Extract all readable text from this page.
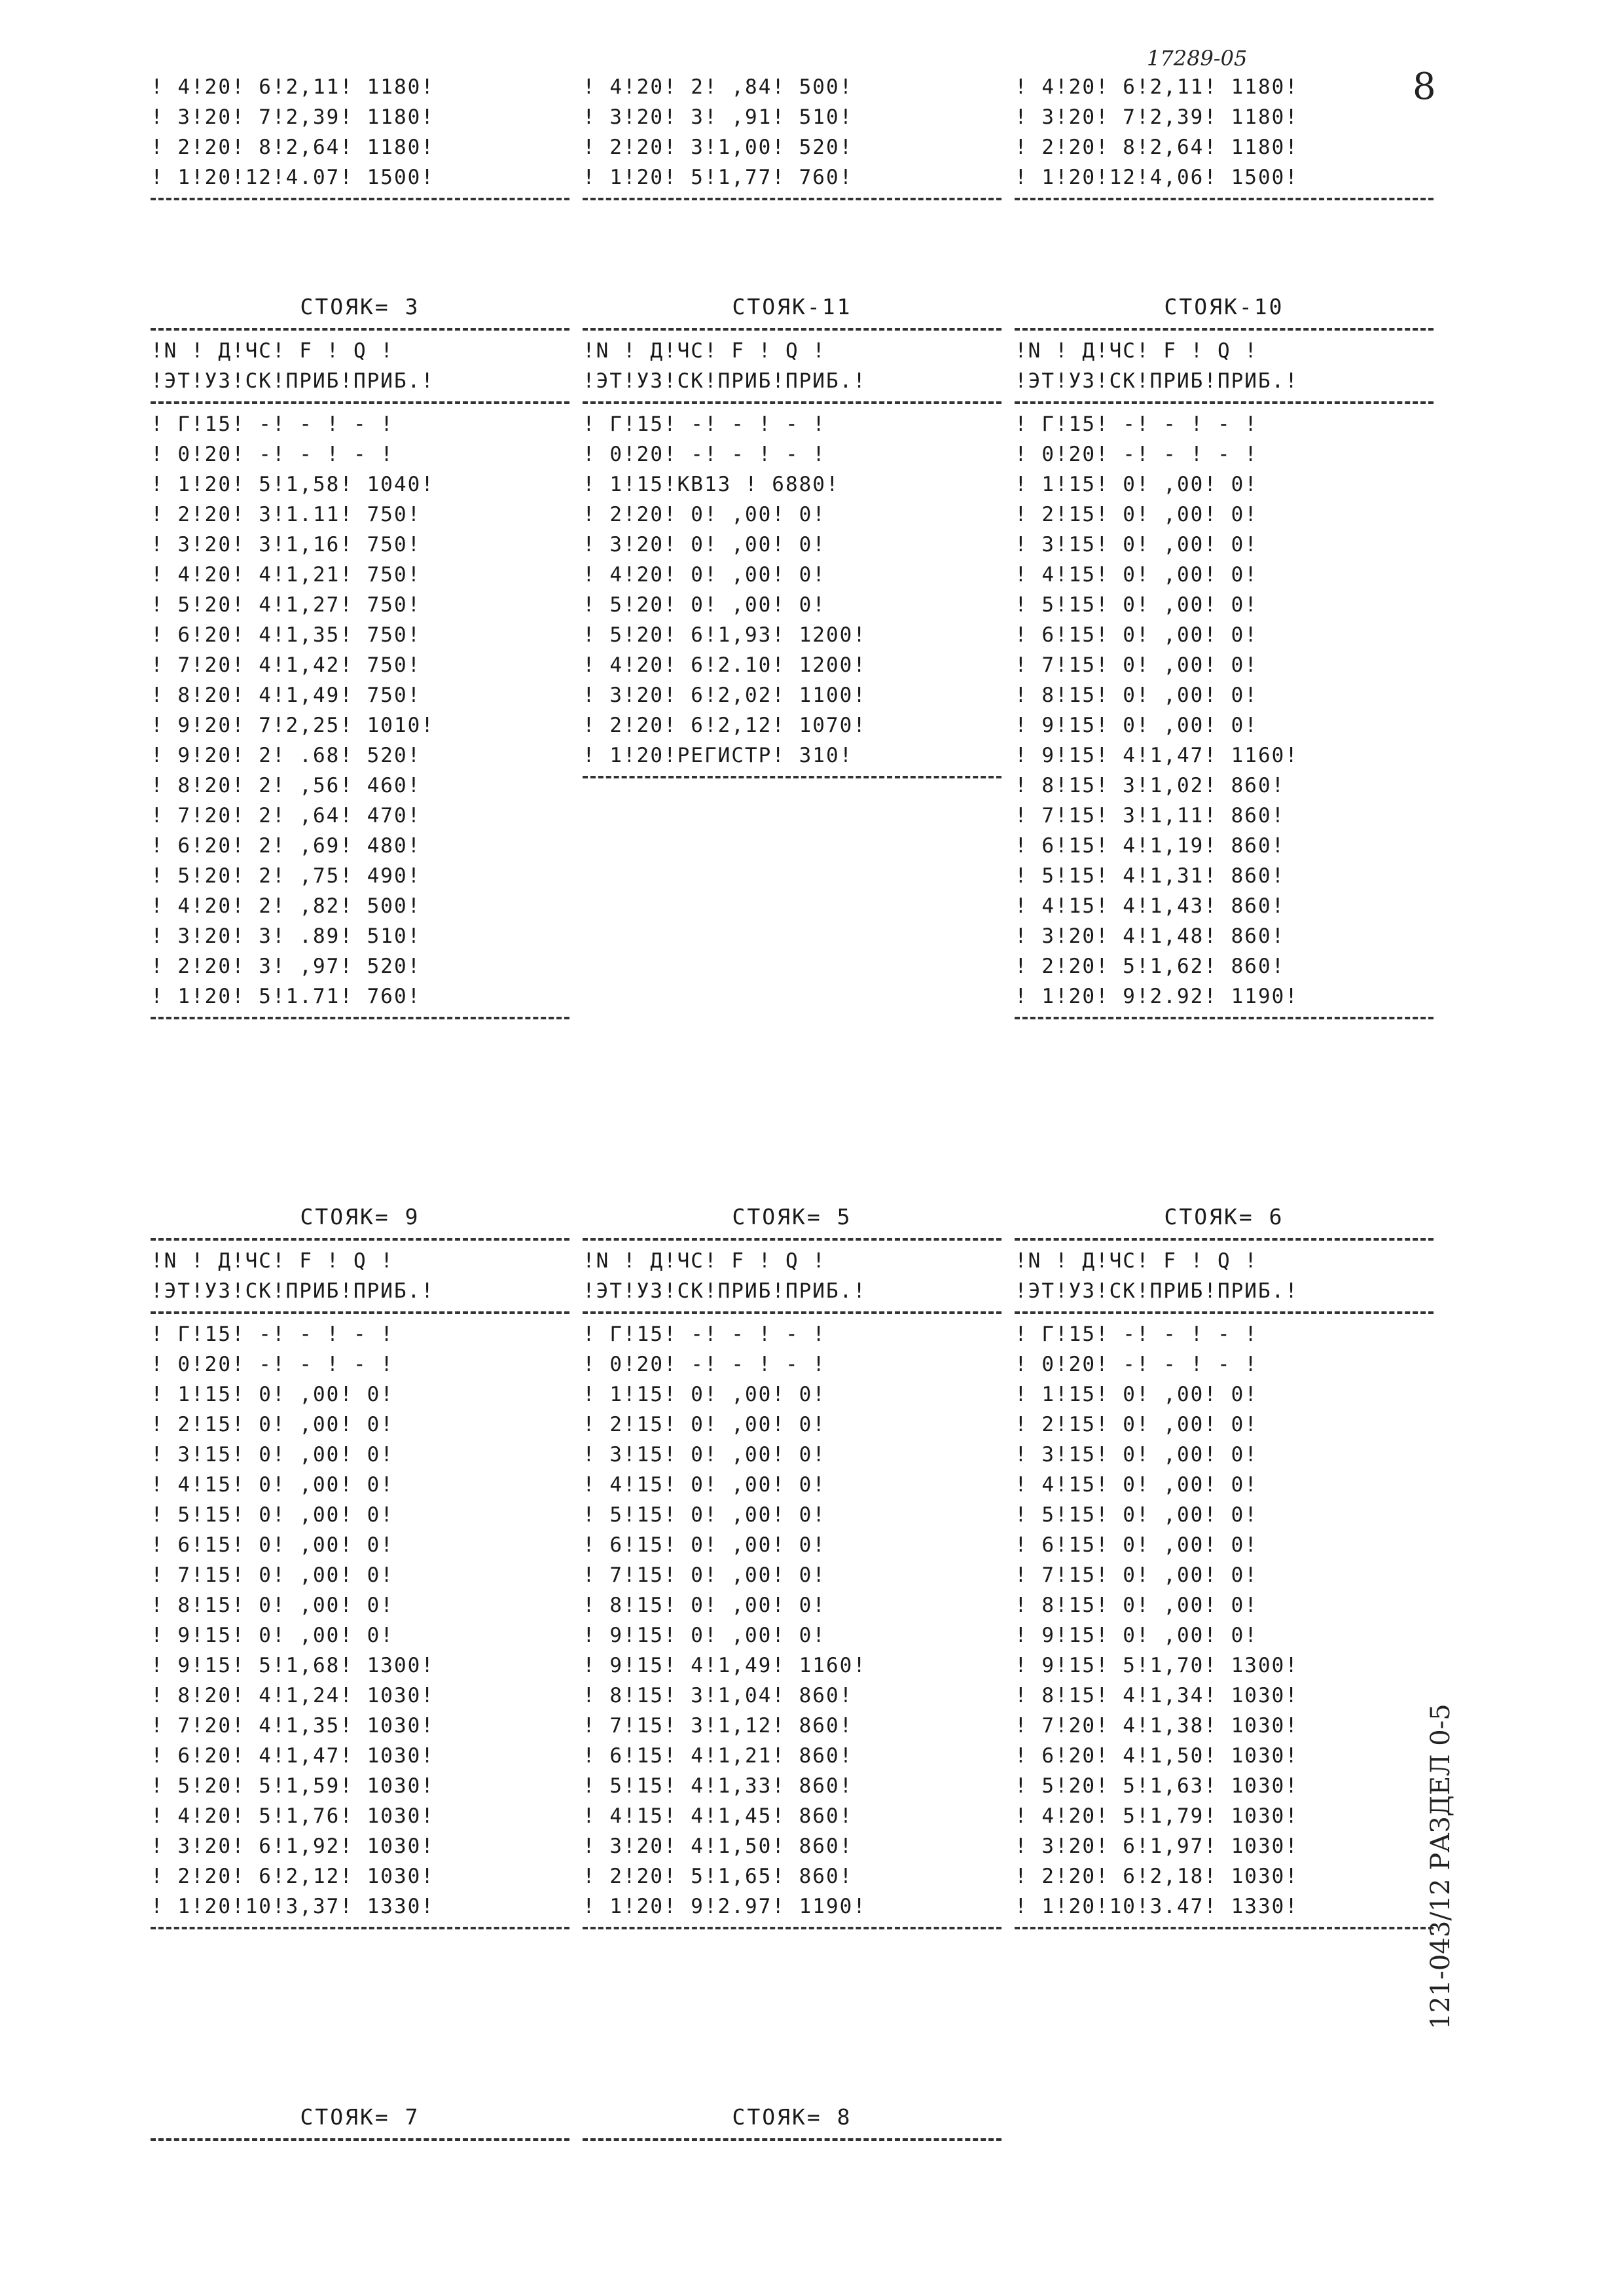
17289-05
8
121-043/12 РАЗДЕЛ 0-5
! 4!20! 6!2,11! 1180!
! 3!20! 7!2,39! 1180!
! 2!20! 8!2,64! 1180!
! 1!20!12!4.07! 1500!
! 4!20! 2! ,84! 500!
! 3!20! 3! ,91! 510!
! 2!20! 3!1,00! 520!
! 1!20! 5!1,77! 760!
! 4!20! 6!2,11! 1180!
! 3!20! 7!2,39! 1180!
! 2!20! 8!2,64! 1180!
! 1!20!12!4,06! 1500!
СТОЯК= 3
!N ! Д!ЧС! F ! Q !
!ЭТ!УЗ!СК!ПРИБ!ПРИБ.!
! Г!15! -! - ! - !
! 0!20! -! - ! - !
! 1!20! 5!1,58! 1040!
! 2!20! 3!1.11! 750!
! 3!20! 3!1,16! 750!
! 4!20! 4!1,21! 750!
! 5!20! 4!1,27! 750!
! 6!20! 4!1,35! 750!
! 7!20! 4!1,42! 750!
! 8!20! 4!1,49! 750!
! 9!20! 7!2,25! 1010!
! 9!20! 2! .68! 520!
! 8!20! 2! ,56! 460!
! 7!20! 2! ,64! 470!
! 6!20! 2! ,69! 480!
! 5!20! 2! ,75! 490!
! 4!20! 2! ,82! 500!
! 3!20! 3! .89! 510!
! 2!20! 3! ,97! 520!
! 1!20! 5!1.71! 760!
СТОЯК-11
!N ! Д!ЧС! F ! Q !
!ЭТ!УЗ!СК!ПРИБ!ПРИБ.!
! Г!15! -! - ! - !
! 0!20! -! - ! - !
! 1!15!КВ13 ! 6880!
! 2!20! 0! ,00! 0!
! 3!20! 0! ,00! 0!
! 4!20! 0! ,00! 0!
! 5!20! 0! ,00! 0!
! 5!20! 6!1,93! 1200!
! 4!20! 6!2.10! 1200!
! 3!20! 6!2,02! 1100!
! 2!20! 6!2,12! 1070!
! 1!20!РЕГИСТР! 310!
СТОЯК-10
!N ! Д!ЧС! F ! Q !
!ЭТ!УЗ!СК!ПРИБ!ПРИБ.!
! Г!15! -! - ! - !
! 0!20! -! - ! - !
! 1!15! 0! ,00! 0!
! 2!15! 0! ,00! 0!
! 3!15! 0! ,00! 0!
! 4!15! 0! ,00! 0!
! 5!15! 0! ,00! 0!
! 6!15! 0! ,00! 0!
! 7!15! 0! ,00! 0!
! 8!15! 0! ,00! 0!
! 9!15! 0! ,00! 0!
! 9!15! 4!1,47! 1160!
! 8!15! 3!1,02! 860!
! 7!15! 3!1,11! 860!
! 6!15! 4!1,19! 860!
! 5!15! 4!1,31! 860!
! 4!15! 4!1,43! 860!
! 3!20! 4!1,48! 860!
! 2!20! 5!1,62! 860!
! 1!20! 9!2.92! 1190!
СТОЯК= 9
!N ! Д!ЧС! F ! Q !
!ЭТ!УЗ!СК!ПРИБ!ПРИБ.!
! Г!15! -! - ! - !
! 0!20! -! - ! - !
! 1!15! 0! ,00! 0!
! 2!15! 0! ,00! 0!
! 3!15! 0! ,00! 0!
! 4!15! 0! ,00! 0!
! 5!15! 0! ,00! 0!
! 6!15! 0! ,00! 0!
! 7!15! 0! ,00! 0!
! 8!15! 0! ,00! 0!
! 9!15! 0! ,00! 0!
! 9!15! 5!1,68! 1300!
! 8!20! 4!1,24! 1030!
! 7!20! 4!1,35! 1030!
! 6!20! 4!1,47! 1030!
! 5!20! 5!1,59! 1030!
! 4!20! 5!1,76! 1030!
! 3!20! 6!1,92! 1030!
! 2!20! 6!2,12! 1030!
! 1!20!10!3,37! 1330!
СТОЯК= 5
!N ! Д!ЧС! F ! Q !
!ЭТ!УЗ!СК!ПРИБ!ПРИБ.!
! Г!15! -! - ! - !
! 0!20! -! - ! - !
! 1!15! 0! ,00! 0!
! 2!15! 0! ,00! 0!
! 3!15! 0! ,00! 0!
! 4!15! 0! ,00! 0!
! 5!15! 0! ,00! 0!
! 6!15! 0! ,00! 0!
! 7!15! 0! ,00! 0!
! 8!15! 0! ,00! 0!
! 9!15! 0! ,00! 0!
! 9!15! 4!1,49! 1160!
! 8!15! 3!1,04! 860!
! 7!15! 3!1,12! 860!
! 6!15! 4!1,21! 860!
! 5!15! 4!1,33! 860!
! 4!15! 4!1,45! 860!
! 3!20! 4!1,50! 860!
! 2!20! 5!1,65! 860!
! 1!20! 9!2.97! 1190!
СТОЯК= 6
!N ! Д!ЧС! F ! Q !
!ЭТ!УЗ!СК!ПРИБ!ПРИБ.!
! Г!15! -! - ! - !
! 0!20! -! - ! - !
! 1!15! 0! ,00! 0!
! 2!15! 0! ,00! 0!
! 3!15! 0! ,00! 0!
! 4!15! 0! ,00! 0!
! 5!15! 0! ,00! 0!
! 6!15! 0! ,00! 0!
! 7!15! 0! ,00! 0!
! 8!15! 0! ,00! 0!
! 9!15! 0! ,00! 0!
! 9!15! 5!1,70! 1300!
! 8!15! 4!1,34! 1030!
! 7!20! 4!1,38! 1030!
! 6!20! 4!1,50! 1030!
! 5!20! 5!1,63! 1030!
! 4!20! 5!1,79! 1030!
! 3!20! 6!1,97! 1030!
! 2!20! 6!2,18! 1030!
! 1!20!10!3.47! 1330!
СТОЯК= 7	СТОЯК= 8
